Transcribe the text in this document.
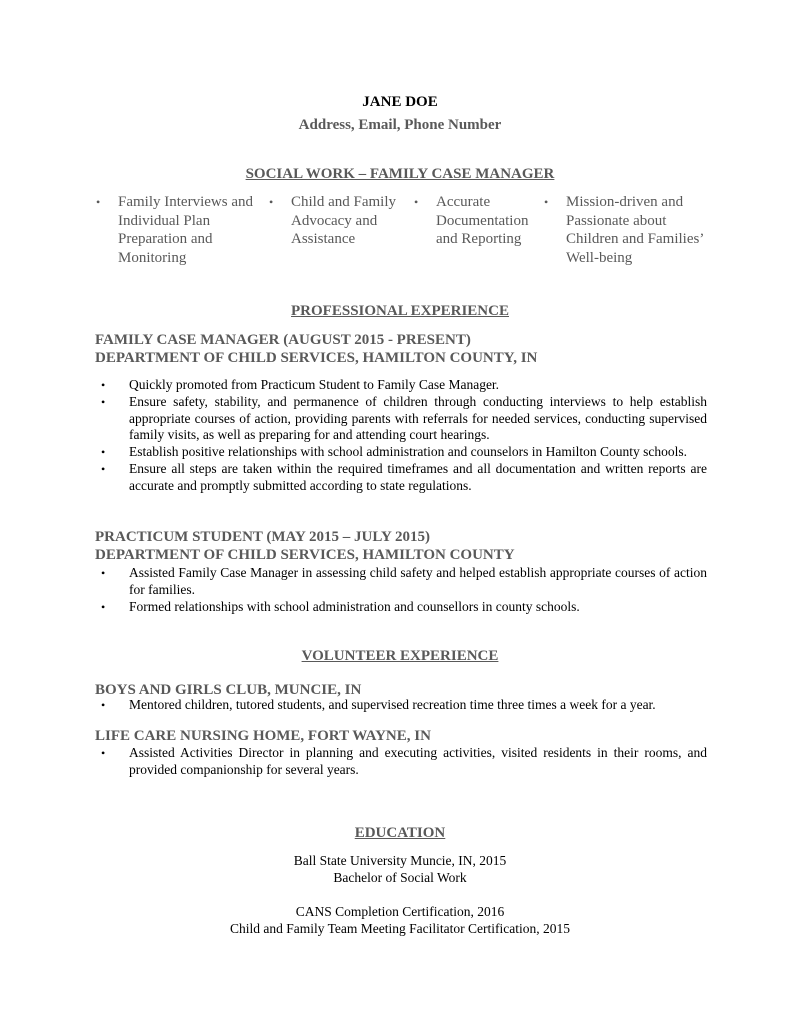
JANE DOE
Address, Email, Phone Number
SOCIAL WORK – FAMILY CASE MANAGER
• Family Interviews and
Individual Plan
Preparation and
Monitoring
• Child and Family
Advocacy and
Assistance
• Accurate
Documentation
and Reporting
• Mission-driven and
Passionate about
Children and Families’
Well-being
PROFESSIONAL EXPERIENCE
FAMILY CASE MANAGER (AUGUST 2015 - PRESENT)
DEPARTMENT OF CHILD SERVICES, HAMILTON COUNTY, IN
• Quickly promoted from Practicum Student to Family Case Manager.
• Ensure safety, stability, and permanence of children through conducting interviews to help establish appropriate courses of action, providing parents with referrals for needed services, conducting supervised family visits, as well as preparing for and attending court hearings.
• Establish positive relationships with school administration and counselors in Hamilton County schools.
• Ensure all steps are taken within the required timeframes and all documentation and written reports are accurate and promptly submitted according to state regulations.
PRACTICUM STUDENT (MAY 2015 – JULY 2015)
DEPARTMENT OF CHILD SERVICES, HAMILTON COUNTY
• Assisted Family Case Manager in assessing child safety and helped establish appropriate courses of action for families.
• Formed relationships with school administration and counsellors in county schools.
VOLUNTEER EXPERIENCE
BOYS AND GIRLS CLUB, MUNCIE, IN
• Mentored children, tutored students, and supervised recreation time three times a week for a year.
LIFE CARE NURSING HOME, FORT WAYNE, IN
• Assisted Activities Director in planning and executing activities, visited residents in their rooms, and provided companionship for several years.
EDUCATION
Ball State University Muncie, IN, 2015
Bachelor of Social Work
CANS Completion Certification, 2016
Child and Family Team Meeting Facilitator Certification, 2015
